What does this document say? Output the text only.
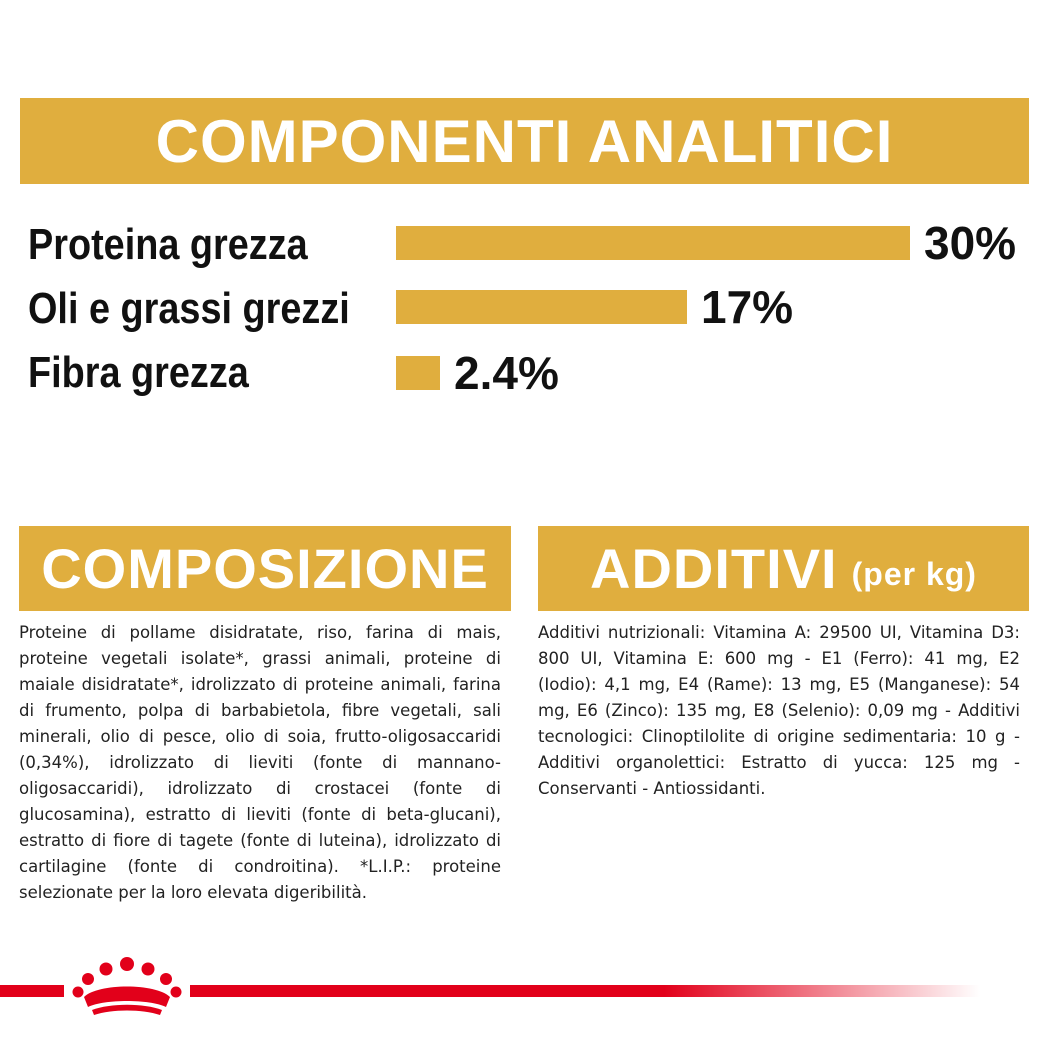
COMPONENTI ANALITICI
Proteina grezza	30%
Oli e grassi grezzi	17%
Fibra grezza	2.4%
COMPOSIZIONE ADDITIVI (per kg)
Proteine di pollame disidratate, riso, farina di mais, proteine vegetali isolate*, grassi animali, proteine di maiale disidratate*, idrolizzato di proteine animali, farina di frumento, polpa di barbabietola, fibre vegetali, sali minerali, olio di pesce, olio di soia, frutto-oligosaccaridi (0,34%), idrolizzato di lieviti (fonte di mannano-oligosaccaridi), idrolizzato di crostacei (fonte di glucosamina), estratto di lieviti (fonte di beta-glucani), estratto di fiore di tagete (fonte di luteina), idrolizzato di cartilagine (fonte di condroitina). *L.I.P.: proteine selezionate per la loro elevata digeribilità.
Additivi nutrizionali: Vitamina A: 29500 UI, Vitamina D3: 800 UI, Vitamina E: 600 mg - E1 (Ferro): 41 mg, E2 (Iodio): 4,1 mg, E4 (Rame): 13 mg, E5 (Manganese): 54 mg, E6 (Zinco): 135 mg, E8 (Selenio): 0,09 mg - Additivi tecnologici: Clinoptilolite di origine sedimentaria: 10 g - Additivi organolettici: Estratto di yucca: 125 mg - Conservanti - Antiossidanti.
